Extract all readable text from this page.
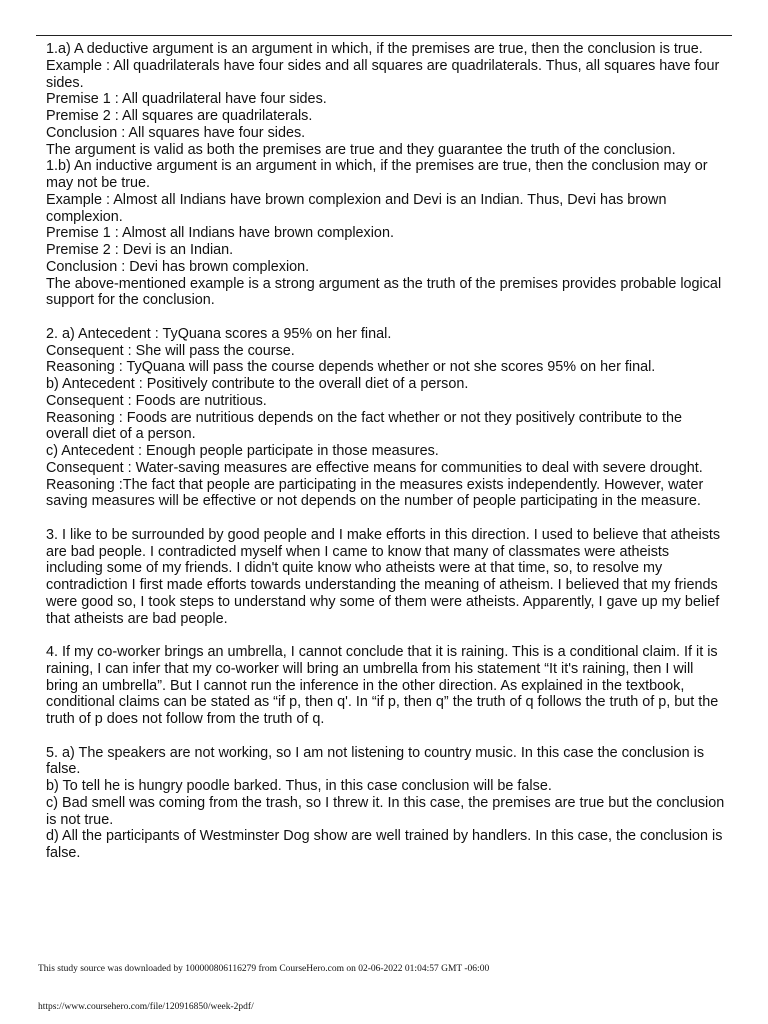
1.a) A deductive argument is an argument in which, if the premises are true, then the conclusion is true.

Example : All quadrilaterals have four sides and all squares are quadrilaterals. Thus, all squares have four sides.

Premise 1 : All quadrilateral have four sides.

Premise 2 : All squares are quadrilaterals.

Conclusion : All squares have four sides.

The argument is valid as both the premises are true and they guarantee the truth of the conclusion.

1.b) An inductive argument is an argument in which, if the premises are true, then the conclusion may or may not be true.

Example : Almost all Indians have brown complexion and Devi is an Indian. Thus, Devi has brown complexion.

Premise 1 : Almost all Indians have brown complexion.

Premise 2 : Devi is an Indian.

Conclusion : Devi has brown complexion.

The above-mentioned example is a strong argument as the truth of the premises provides probable logical support for the conclusion.

2. a) Antecedent : TyQuana scores a 95% on her final.

Consequent : She will pass the course.

Reasoning : TyQuana will pass the course depends whether or not she scores 95% on her final.

b) Antecedent : Positively contribute to the overall diet of a person.

Consequent : Foods are nutritious.

Reasoning : Foods are nutritious depends on the fact whether or not they positively contribute to the overall diet of a person.

c) Antecedent : Enough people participate in those measures.

Consequent : Water-saving measures are effective means for communities to deal with severe drought.

Reasoning :The fact that people are participating in the measures exists independently. However, water saving measures will be effective or not depends on the number of people participating in the measure.

3. I like to be surrounded by good people and I make efforts in this direction. I used to believe that atheists are bad people. I contradicted myself when I came to know that many of classmates were atheists including some of my friends. I didn't quite know who atheists were at that time, so, to resolve my contradiction I first made efforts towards understanding the meaning of atheism. I believed that my friends were good so, I took steps to understand why some of them were atheists. Apparently, I gave up my belief that atheists are bad people.

4. If my co-worker brings an umbrella, I cannot conclude that it is raining. This is a conditional claim. If it is raining, I can infer that my co-worker will bring an umbrella from his statement “It it's raining, then I will bring an umbrella”. But I cannot run the inference in the other direction. As explained in the textbook, conditional claims can be stated as “if p, then q'. In “if p, then q” the truth of q follows the truth of p, but the truth of p does not follow from the truth of q.

5. a) The speakers are not working, so I am not listening to country music. In this case the conclusion is false.

b) To tell he is hungry poodle barked. Thus, in this case conclusion will be false.

c) Bad smell was coming from the trash, so I threw it. In this case, the premises are true but the conclusion is not true.

d) All the participants of Westminster Dog show are well trained by handlers. In this case, the conclusion is false.

This study source was downloaded by 100000806116279 from CourseHero.com on 02-06-2022 01:04:57 GMT -06:00
https://www.coursehero.com/file/120916850/week-2pdf/
